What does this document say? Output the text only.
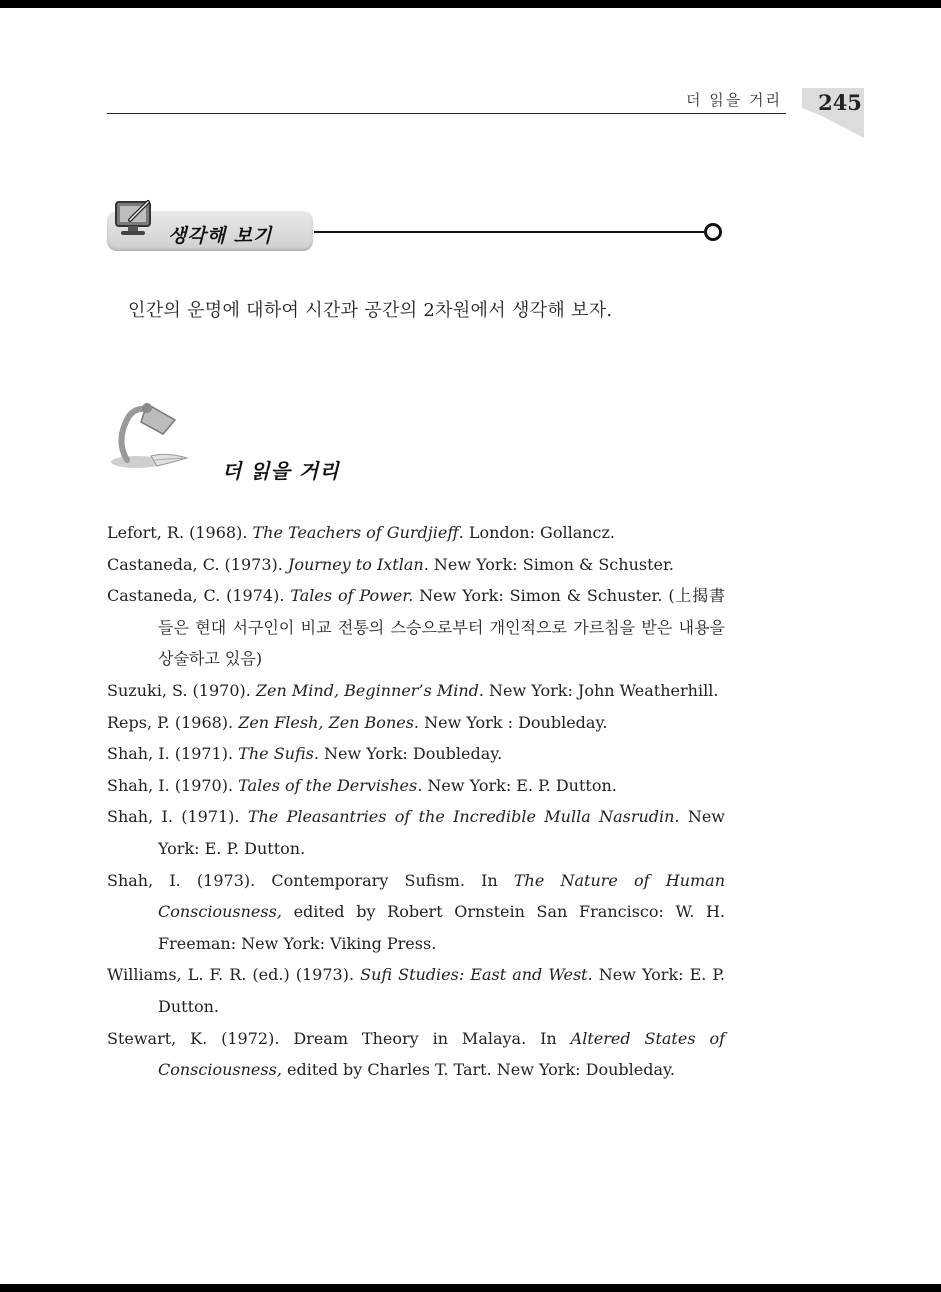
더 읽을 거리 245
생각해 보기
인간의 운명에 대하여 시간과 공간의 2차원에서 생각해 보자.
더 읽을 거리
Lefort, R. (1968). The Teachers of Gurdjieff. London: Gollancz.
Castaneda, C. (1973). Journey to Ixtlan. New York: Simon & Schuster.
Castaneda, C. (1974). Tales of Power. New York: Simon & Schuster. (上揭書들은 현대 서구인이 비교 전통의 스승으로부터 개인적으로 가르침을 받은 내용을 상술하고 있음)
Suzuki, S. (1970). Zen Mind, Beginner’s Mind. New York: John Weatherhill.
Reps, P. (1968). Zen Flesh, Zen Bones. New York : Doubleday.
Shah, I. (1971). The Sufis. New York: Doubleday.
Shah, I. (1970). Tales of the Dervishes. New York: E. P. Dutton.
Shah, I. (1971). The Pleasantries of the Incredible Mulla Nasrudin. New York: E. P. Dutton.
Shah, I. (1973). Contemporary Sufism. In The Nature of Human Consciousness, edited by Robert Ornstein San Francisco: W. H. Freeman: New York: Viking Press.
Williams, L. F. R. (ed.) (1973). Sufi Studies: East and West. New York: E. P. Dutton.
Stewart, K. (1972). Dream Theory in Malaya. In Altered States of Consciousness, edited by Charles T. Tart. New York: Doubleday.
